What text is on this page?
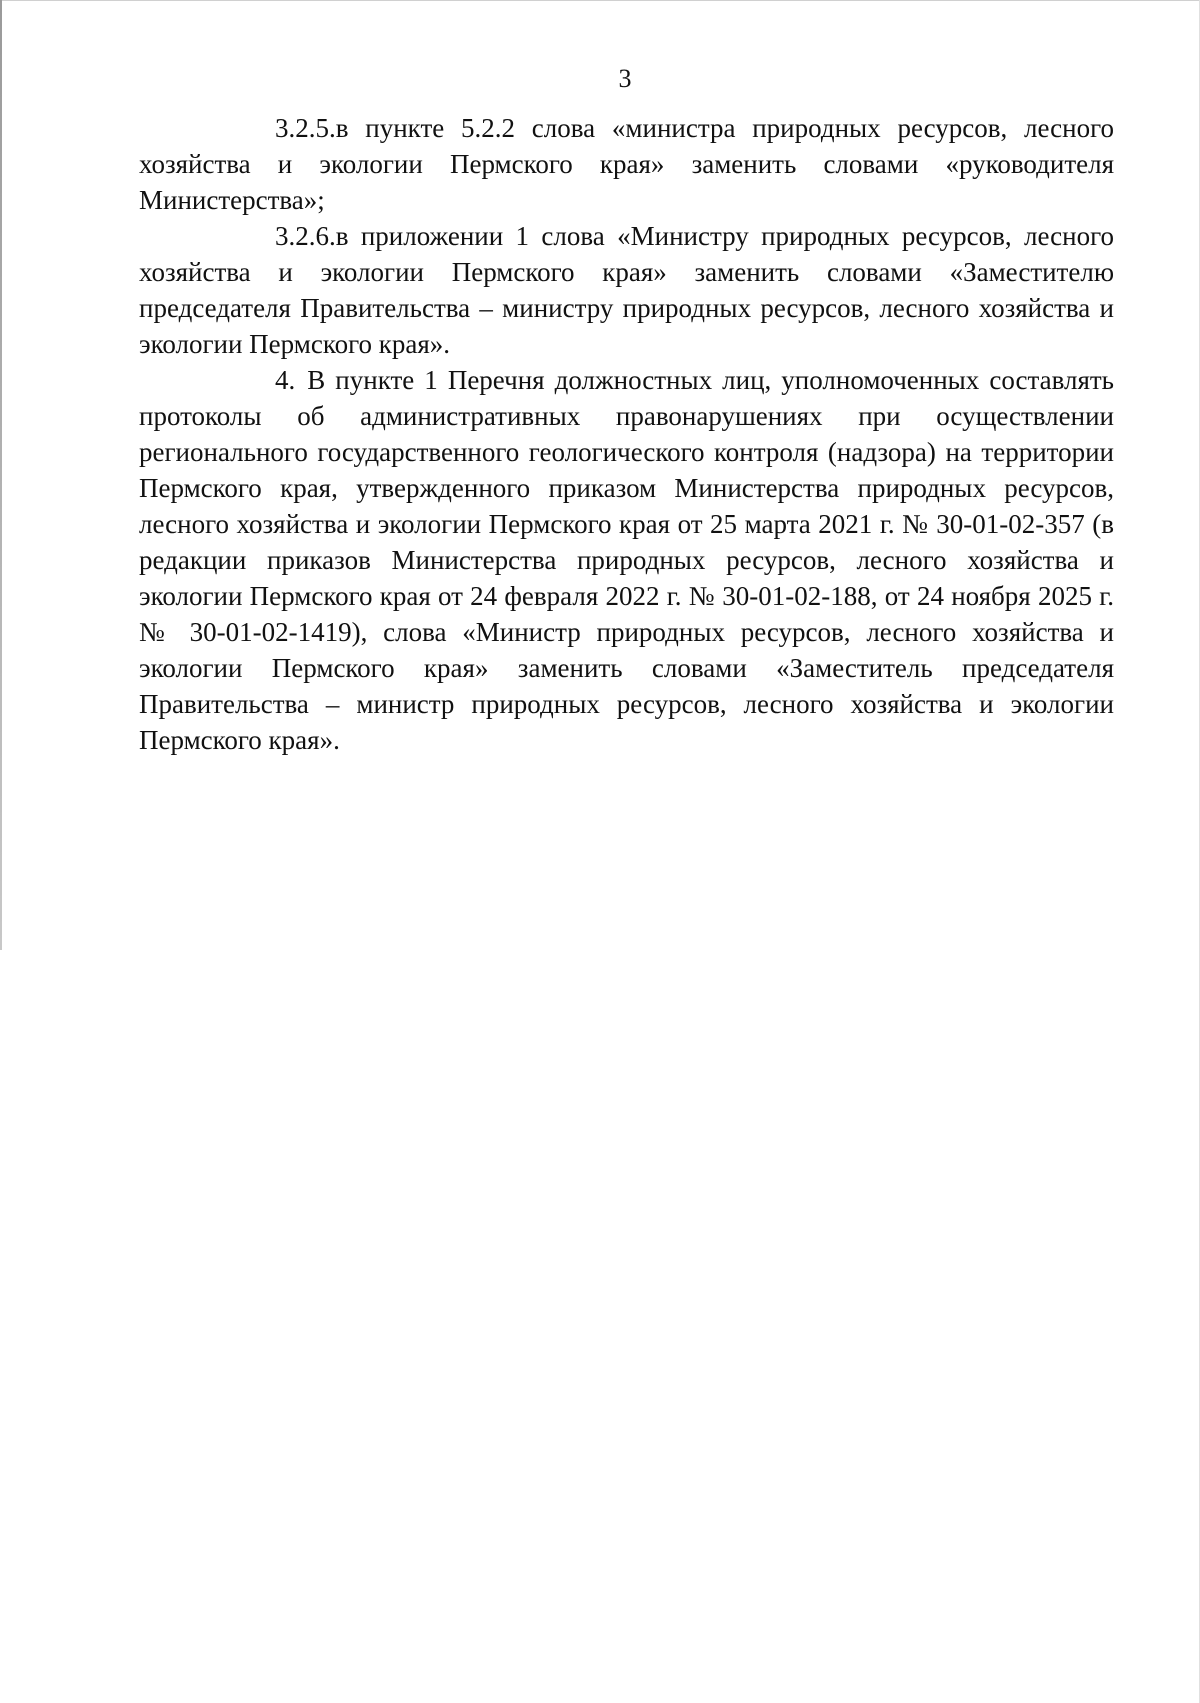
3

3.2.5.в пункте 5.2.2 слова «министра природных ресурсов, лесного хозяйства и экологии Пермского края» заменить словами «руководителя Министерства»;

3.2.6.в приложении 1 слова «Министру природных ресурсов, лесного хозяйства и экологии Пермского края» заменить словами «Заместителю председателя Правительства – министру природных ресурсов, лесного хозяйства и экологии Пермского края».

4. В пункте 1 Перечня должностных лиц, уполномоченных составлять протоколы об административных правонарушениях при осуществлении регионального государственного геологического контроля (надзора) на территории Пермского края, утвержденного приказом Министерства природных ресурсов, лесного хозяйства и экологии Пермского края от 25 марта 2021 г. № 30-01-02-357 (в редакции приказов Министерства природных ресурсов, лесного хозяйства и экологии Пермского края от 24 февраля 2022 г. № 30-01-02-188, от 24 ноября 2025 г. № 30-01-02-1419), слова «Министр природных ресурсов, лесного хозяйства и экологии Пермского края» заменить словами «Заместитель председателя Правительства – министр природных ресурсов, лесного хозяйства и экологии Пермского края».
